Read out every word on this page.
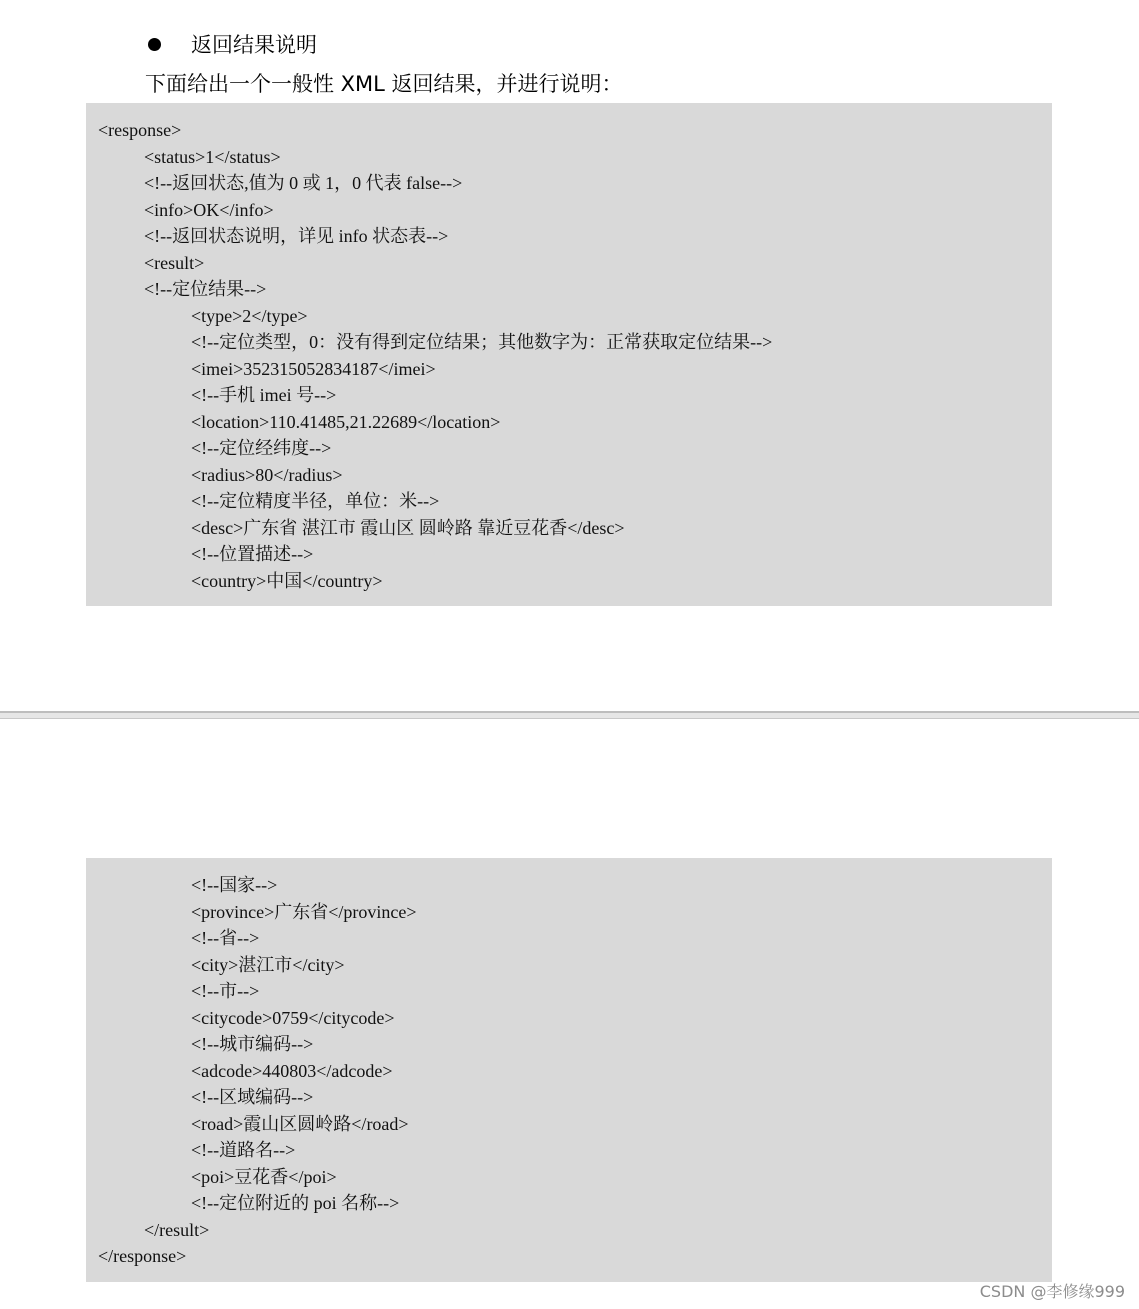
返回结果说明
下面给出一个一般性 XML 返回结果，并进行说明：
<response>
<status>1</status>
<!--返回状态,值为 0 或 1，0 代表 false-->
<info>OK</info>
<!--返回状态说明，详见 info 状态表-->
<result>
<!--定位结果-->
<type>2</type>
<!--定位类型，0：没有得到定位结果；其他数字为：正常获取定位结果-->
<imei>352315052834187</imei>
<!--手机 imei 号-->
<location>110.41485,21.22689</location>
<!--定位经纬度-->
<radius>80</radius>
<!--定位精度半径，单位：米-->
<desc>广东省 湛江市 霞山区 圆岭路 靠近豆花香</desc>
<!--位置描述-->
<country>中国</country>
<!--国家-->
<province>广东省</province>
<!--省-->
<city>湛江市</city>
<!--市-->
<citycode>0759</citycode>
<!--城市编码-->
<adcode>440803</adcode>
<!--区域编码-->
<road>霞山区圆岭路</road>
<!--道路名-->
<poi>豆花香</poi>
<!--定位附近的 poi 名称-->
</result>
</response>
CSDN @李修缘999
